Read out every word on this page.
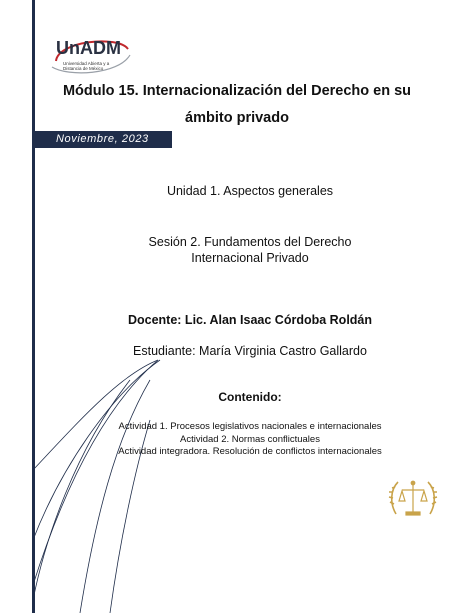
UnADM
Universidad Abierta y a Distancia de México
Módulo 15. Internacionalización del Derecho en su ámbito privado
Noviembre, 2023
Unidad 1. Aspectos generales
Sesión 2. Fundamentos del Derecho
Internacional Privado
Docente: Lic. Alan Isaac Córdoba Roldán
Estudiante: María Virginia Castro Gallardo
Contenido:
Actividad 1. Procesos legislativos nacionales e internacionales
Actividad 2. Normas conflictuales
Actividad integradora. Resolución de conflictos internacionales
